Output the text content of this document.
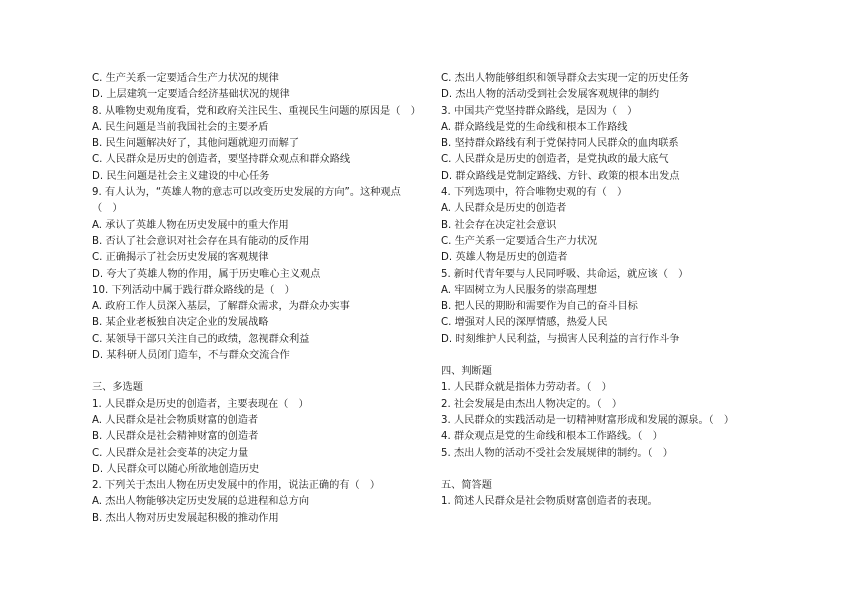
C. 生产关系一定要适合生产力状况的规律
D. 上层建筑一定要适合经济基础状况的规律
8. 从唯物史观角度看，党和政府关注民生、重视民生问题的原因是（　）
A. 民生问题是当前我国社会的主要矛盾
B. 民生问题解决好了，其他问题就迎刃而解了
C. 人民群众是历史的创造者，要坚持群众观点和群众路线
D. 民生问题是社会主义建设的中心任务
9. 有人认为，“英雄人物的意志可以改变历史发展的方向”。这种观点
（　）
A. 承认了英雄人物在历史发展中的重大作用
B. 否认了社会意识对社会存在具有能动的反作用
C. 正确揭示了社会历史发展的客观规律
D. 夸大了英雄人物的作用，属于历史唯心主义观点
10. 下列活动中属于践行群众路线的是（　）
A. 政府工作人员深入基层，了解群众需求，为群众办实事
B. 某企业老板独自决定企业的发展战略
C. 某领导干部只关注自己的政绩，忽视群众利益
D. 某科研人员闭门造车，不与群众交流合作
三、多选题
1. 人民群众是历史的创造者，主要表现在（　）
A. 人民群众是社会物质财富的创造者
B. 人民群众是社会精神财富的创造者
C. 人民群众是社会变革的决定力量
D. 人民群众可以随心所欲地创造历史
2. 下列关于杰出人物在历史发展中的作用，说法正确的有（　）
A. 杰出人物能够决定历史发展的总进程和总方向
B. 杰出人物对历史发展起积极的推动作用
C. 杰出人物能够组织和领导群众去实现一定的历史任务
D. 杰出人物的活动受到社会发展客观规律的制约
3. 中国共产党坚持群众路线，是因为（　）
A. 群众路线是党的生命线和根本工作路线
B. 坚持群众路线有利于党保持同人民群众的血肉联系
C. 人民群众是历史的创造者，是党执政的最大底气
D. 群众路线是党制定路线、方针、政策的根本出发点
4. 下列选项中，符合唯物史观的有（　）
A. 人民群众是历史的创造者
B. 社会存在决定社会意识
C. 生产关系一定要适合生产力状况
D. 英雄人物是历史的创造者
5. 新时代青年要与人民同呼吸、共命运，就应该（　）
A. 牢固树立为人民服务的崇高理想
B. 把人民的期盼和需要作为自己的奋斗目标
C. 增强对人民的深厚情感，热爱人民
D. 时刻维护人民利益，与损害人民利益的言行作斗争
四、判断题
1. 人民群众就是指体力劳动者。（　）
2. 社会发展是由杰出人物决定的。（　）
3. 人民群众的实践活动是一切精神财富形成和发展的源泉。（　）
4. 群众观点是党的生命线和根本工作路线。（　）
5. 杰出人物的活动不受社会发展规律的制约。（　）
五、简答题
1. 简述人民群众是社会物质财富创造者的表现。
